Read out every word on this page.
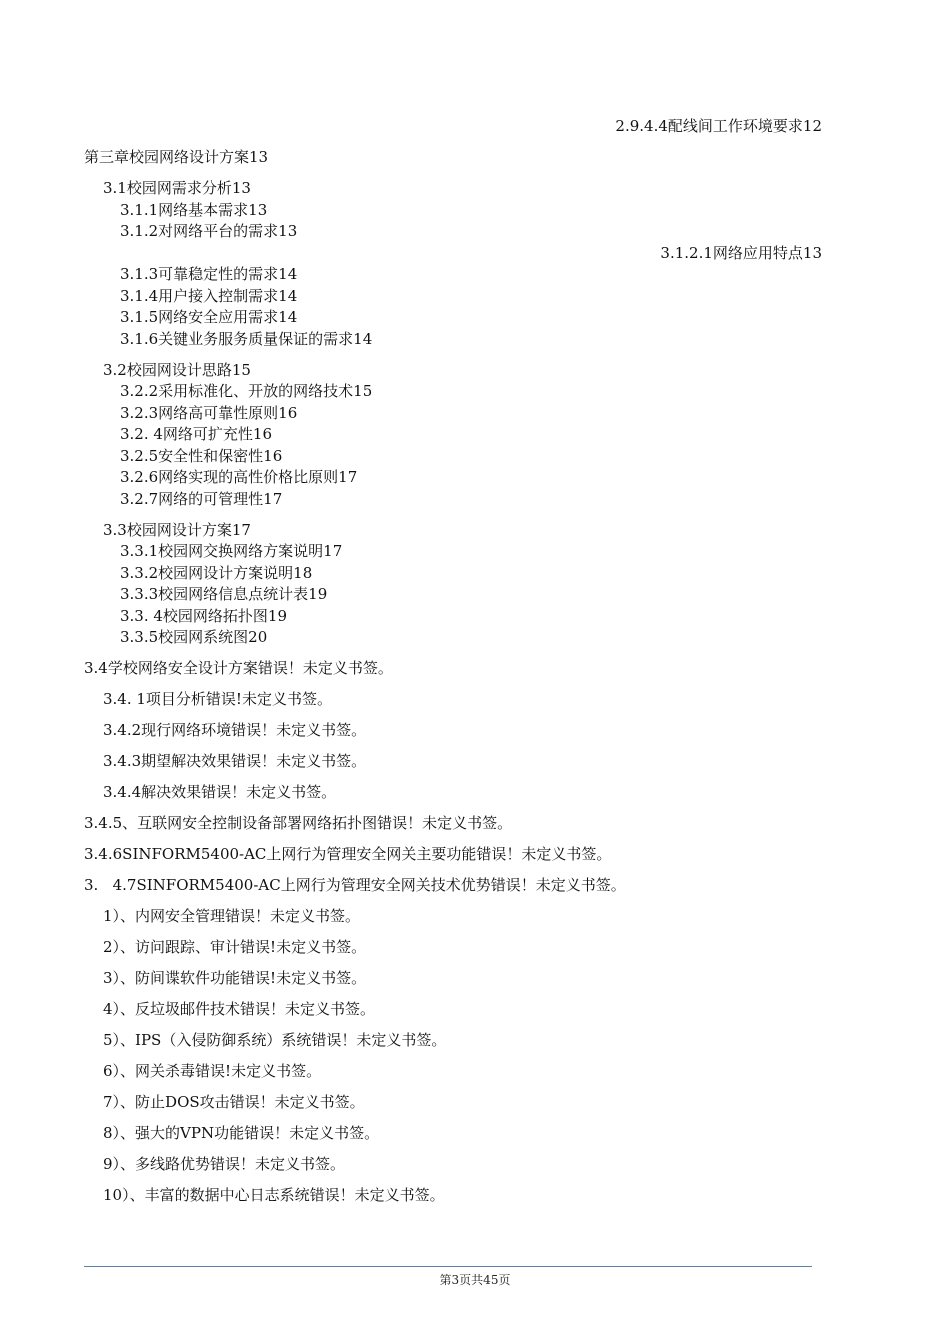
2.9.4.4配线间工作环境要求12
第三章校园网络设计方案13
3.1校园网需求分析13
3.1.1网络基本需求13
3.1.2对网络平台的需求13
3.1.2.1网络应用特点13
3.1.3可靠稳定性的需求14
3.1.4用户接入控制需求14
3.1.5网络安全应用需求14
3.1.6关键业务服务质量保证的需求14
3.2校园网设计思路15
3.2.2采用标准化、开放的网络技术15
3.2.3网络高可靠性原则16
3.2. 4网络可扩充性16
3.2.5安全性和保密性16
3.2.6网络实现的高性价格比原则17
3.2.7网络的可管理性17
3.3校园网设计方案17
3.3.1校园网交换网络方案说明17
3.3.2校园网设计方案说明18
3.3.3校园网络信息点统计表19
3.3. 4校园网络拓扑图19
3.3.5校园网系统图20
3.4学校网络安全设计方案错误！未定义书签。
3.4. 1项目分析错误!未定义书签。
3.4.2现行网络环境错误！未定义书签。
3.4.3期望解决效果错误！未定义书签。
3.4.4解决效果错误！未定义书签。
3.4.5、互联网安全控制设备部署网络拓扑图错误！未定义书签。
3.4.6SINFORM5400-AC上网行为管理安全网关主要功能错误！未定义书签。
3.   4.7SINFORM5400-AC上网行为管理安全网关技术优势错误！未定义书签。
1）、内网安全管理错误！未定义书签。
2）、访问跟踪、审计错误!未定义书签。
3）、防间谍软件功能错误!未定义书签。
4）、反垃圾邮件技术错误！未定义书签。
5）、IPS（入侵防御系统）系统错误！未定义书签。
6）、网关杀毒错误!未定义书签。
7）、防止DOS攻击错误！未定义书签。
8）、强大的VPN功能错误！未定义书签。
9）、多线路优势错误！未定义书签。
10）、丰富的数据中心日志系统错误！未定义书签。
第3页共45页
